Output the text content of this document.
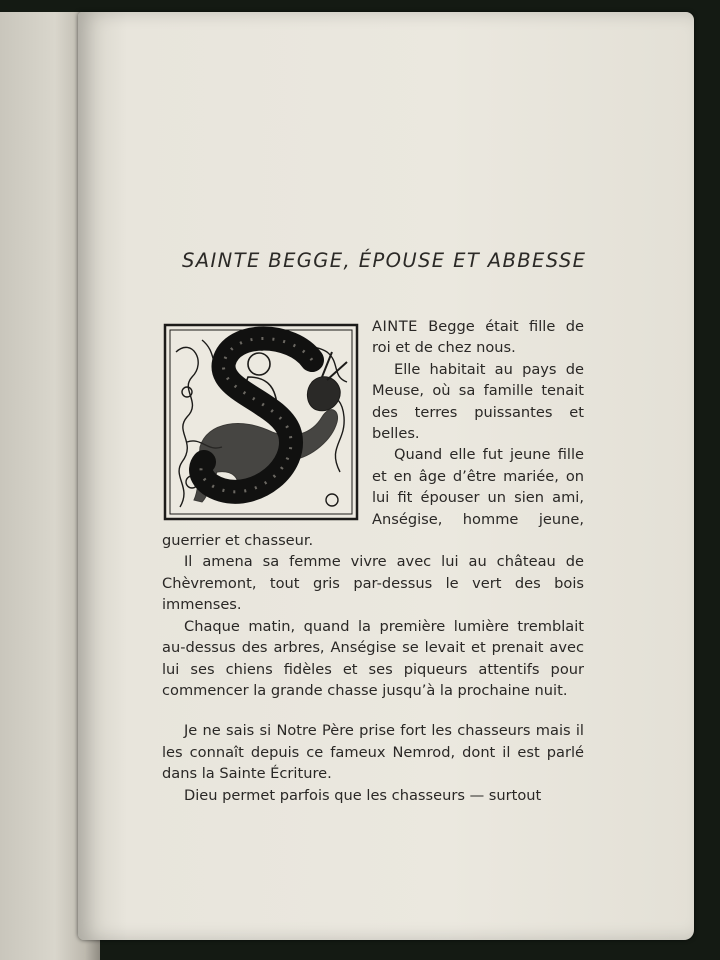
SAINTE BEGGE, ÉPOUSE ET ABBESSE

AINTE Begge était fille de roi et de chez nous.

Elle habitait au pays de Meuse, où sa famille tenait des terres puissantes et belles.

Quand elle fut jeune fille et en âge d’être mariée, on lui fit épouser un sien ami, Anségise, homme jeune, guerrier et chasseur.

Il amena sa femme vivre avec lui au château de Chèvremont, tout gris par-dessus le vert des bois immenses.

Chaque matin, quand la première lumière tremblait au-dessus des arbres, Anségise se levait et prenait avec lui ses chiens fidèles et ses piqueurs attentifs pour commencer la grande chasse jusqu’à la prochaine nuit.

Je ne sais si Notre Père prise fort les chasseurs mais il les connaît depuis ce fameux Nemrod, dont il est parlé dans la Sainte Écriture.

Dieu permet parfois que les chasseurs — surtout
